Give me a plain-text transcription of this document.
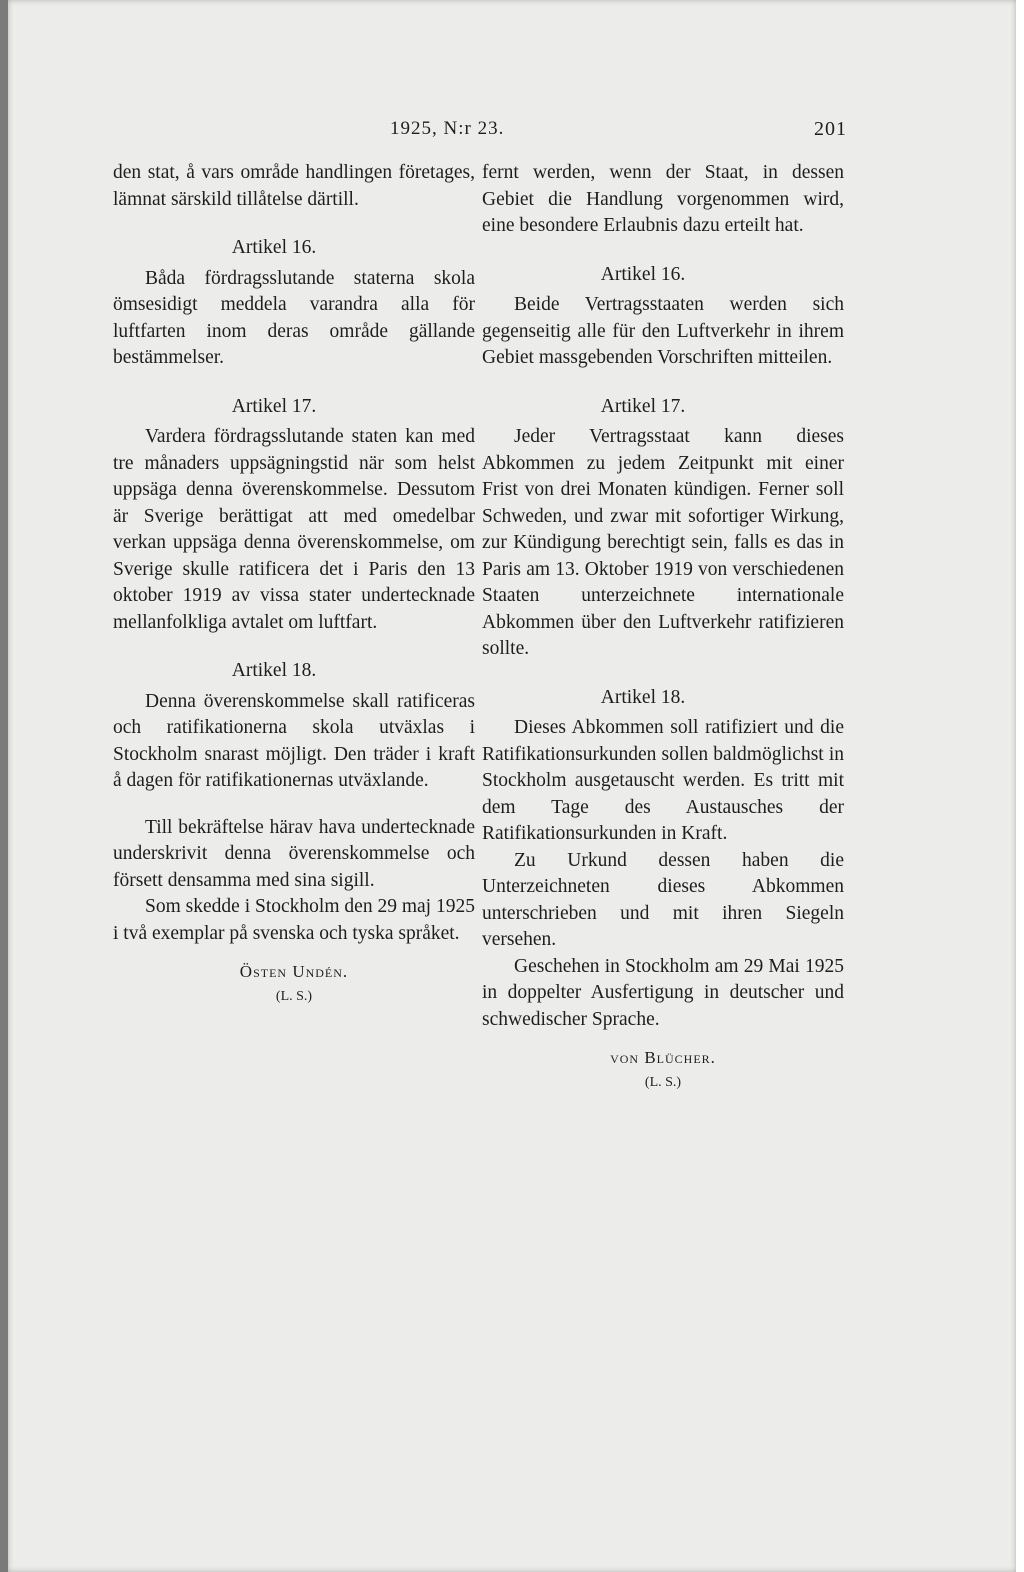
1925, N:r 23.	201

den stat, å vars område handlingen företages, lämnat särskild tillåtelse därtill.

Artikel 16.

Båda fördragsslutande staterna skola ömsesidigt meddela varandra alla för luftfarten inom deras område gällande bestämmelser.

Artikel 17.

Vardera fördragsslutande staten kan med tre månaders uppsägningstid när som helst uppsäga denna överenskommelse. Dessutom är Sverige berättigat att med omedelbar verkan uppsäga denna överenskommelse, om Sverige skulle ratificera det i Paris den 13 oktober 1919 av vissa stater undertecknade mellanfolkliga avtalet om luftfart.

Artikel 18.

Denna överenskommelse skall ratificeras och ratifikationerna skola utväxlas i Stockholm snarast möjligt. Den träder i kraft å dagen för ratifikationernas utväxlande.

Till bekräftelse härav hava undertecknade underskrivit denna överenskommelse och försett densamma med sina sigill.

Som skedde i Stockholm den 29 maj 1925 i två exemplar på svenska och tyska språket.

Östen Undén.
(L. S.)

fernt werden, wenn der Staat, in dessen Gebiet die Handlung vorgenommen wird, eine besondere Erlaubnis dazu erteilt hat.

Artikel 16.

Beide Vertragsstaaten werden sich gegenseitig alle für den Luftverkehr in ihrem Gebiet massgebenden Vorschriften mitteilen.

Artikel 17.

Jeder Vertragsstaat kann dieses Abkommen zu jedem Zeitpunkt mit einer Frist von drei Monaten kündigen. Ferner soll Schweden, und zwar mit sofortiger Wirkung, zur Kündigung berechtigt sein, falls es das in Paris am 13. Oktober 1919 von verschiedenen Staaten unterzeichnete internationale Abkommen über den Luftverkehr ratifizieren sollte.

Artikel 18.

Dieses Abkommen soll ratifiziert und die Ratifikationsurkunden sollen baldmöglichst in Stockholm ausgetauscht werden. Es tritt mit dem Tage des Austausches der Ratifikationsurkunden in Kraft.

Zu Urkund dessen haben die Unterzeichneten dieses Abkommen unterschrieben und mit ihren Siegeln versehen.

Geschehen in Stockholm am 29 Mai 1925 in doppelter Ausfertigung in deutscher und schwedischer Sprache.

von Blücher.
(L. S.)
